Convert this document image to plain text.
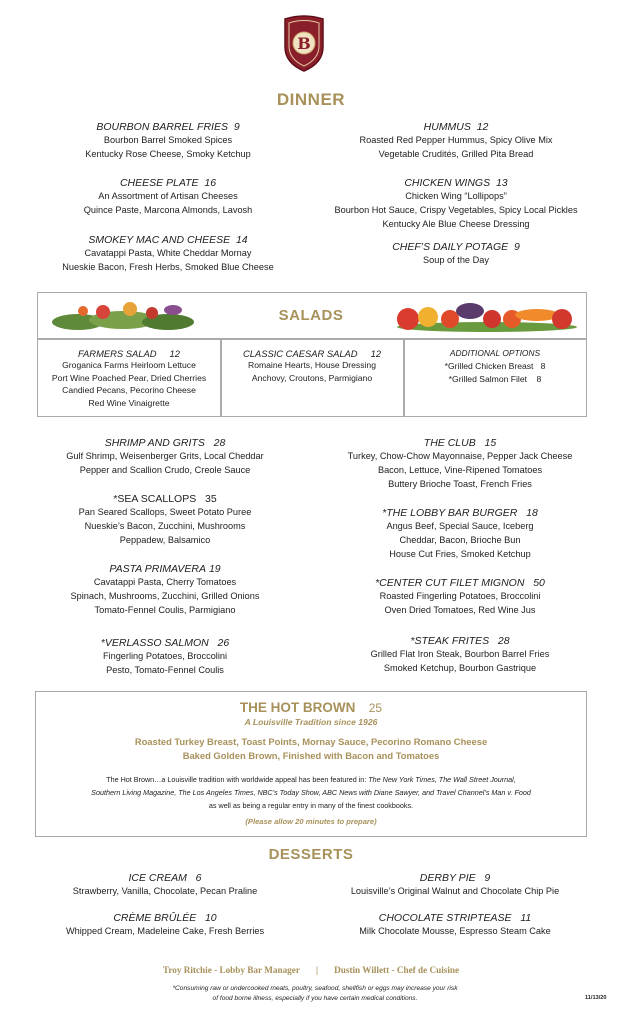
B
DINNER
BOURBON BARREL FRIES 9
Bourbon Barrel Smoked Spices
Kentucky Rose Cheese, Smoky Ketchup
CHEESE PLATE 16
An Assortment of Artisan Cheeses
Quince Paste, Marcona Almonds, Lavosh
SMOKEY MAC AND CHEESE 14
Cavatappi Pasta, White Cheddar Mornay
Nueskie Bacon, Fresh Herbs, Smoked Blue Cheese
HUMMUS 12
Roasted Red Pepper Hummus, Spicy Olive Mix
Vegetable Crudités, Grilled Pita Bread
CHICKEN WINGS 13
Chicken Wing “Lollipops”
Bourbon Hot Sauce, Crispy Vegetables, Spicy Local Pickles
Kentucky Ale Blue Cheese Dressing
CHEF’S DAILY POTAGE 9
Soup of the Day
SALADS
FARMERS SALAD 12
Groganica Farms Heirloom Lettuce
Port Wine Poached Pear, Dried Cherries
Candied Pecans, Pecorino Cheese
Red Wine Vinaigrette
CLASSIC CAESAR SALAD 12
Romaine Hearts, House Dressing
Anchovy, Croutons, Parmigiano
ADDITIONAL OPTIONS
*Grilled Chicken Breast   8
*Grilled Salmon Filet    8
SHRIMP AND GRITS 28
Gulf Shrimp, Weisenberger Grits, Local Cheddar
Pepper and Scallion Crudo, Creole Sauce
*SEA SCALLOPS 35
Pan Seared Scallops, Sweet Potato Puree
Nueskie’s Bacon, Zucchini, Mushrooms
Peppadew, Balsamico
PASTA PRIMAVERA 19
Cavatappi Pasta, Cherry Tomatoes
Spinach, Mushrooms, Zucchini, Grilled Onions
Tomato-Fennel Coulis, Parmigiano
*VERLASSO SALMON 26
Fingerling Potatoes, Broccolini
Pesto, Tomato-Fennel Coulis
THE CLUB 15
Turkey, Chow-Chow Mayonnaise, Pepper Jack Cheese
Bacon, Lettuce, Vine-Ripened Tomatoes
Buttery Brioche Toast, French Fries
*THE LOBBY BAR BURGER 18
Angus Beef, Special Sauce, Iceberg
Cheddar, Bacon, Brioche Bun
House Cut Fries, Smoked Ketchup
*CENTER CUT FILET MIGNON 50
Roasted Fingerling Potatoes, Broccolini
Oven Dried Tomatoes, Red Wine Jus
*STEAK FRITES 28
Grilled Flat Iron Steak, Bourbon Barrel Fries
Smoked Ketchup, Bourbon Gastrique
THE HOT BROWN 25
A Louisville Tradition since 1926
Roasted Turkey Breast, Toast Points, Mornay Sauce, Pecorino Romano Cheese
Baked Golden Brown, Finished with Bacon and Tomatoes
The Hot Brown…a Louisville tradition with worldwide appeal has been featured in: The New York Times, The Wall Street Journal,
Southern Living Magazine, The Los Angeles Times, NBC’s Today Show, ABC News with Diane Sawyer, and Travel Channel’s Man v. Food
as well as being a regular entry in many of the finest cookbooks.
(Please allow 20 minutes to prepare)
DESSERTS
ICE CREAM 6
Strawberry, Vanilla, Chocolate, Pecan Praline
CRÈME BRÛLÉE 10
Whipped Cream, Madeleine Cake, Fresh Berries
DERBY PIE 9
Louisville’s Original Walnut and Chocolate Chip Pie
CHOCOLATE STRIPTEASE 11
Milk Chocolate Mousse, Espresso Steam Cake
Troy Ritchie - Lobby Bar Manager | Dustin Willett - Chef de Cuisine
*Consuming raw or undercooked meats, poultry, seafood, shellfish or eggs may increase your risk
of food borne illness, especially if you have certain medical conditions.	11/13/20
